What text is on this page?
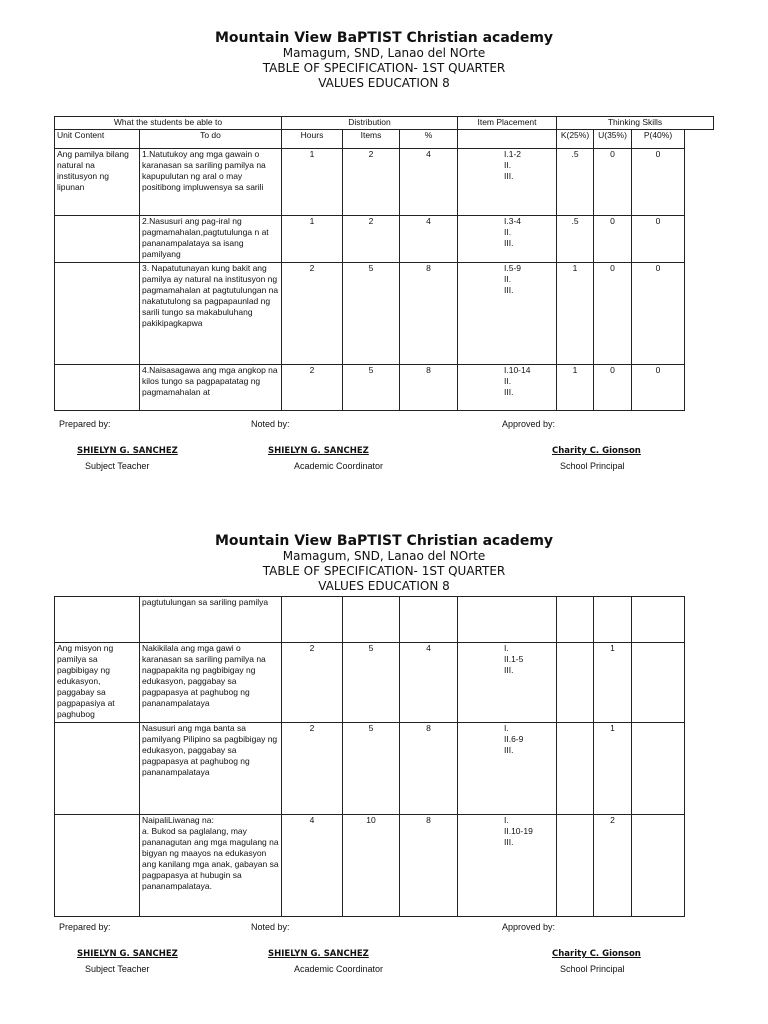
Mountain View BaPTIST Christian academy
Mamagum, SND, Lanao del NOrte
TABLE OF SPECIFICATION- 1ST QUARTER
VALUES EDUCATION 8
What the students be able to		Distribution			Item Placement	Thinking Skills			
Unit Content	To do	Hours	Items	%		K(25%)	U(35%)	P(40%)	
Ang pamilya bilang natural na institusyon ng lipunan	1.Natutukoy ang mga gawain o karanasan sa sariling pamilya na kapupulutan ng aral o may positibong impluwensya sa sarili	1	2	4	I.1-2
II.
III.	.5	0	0	
	2.Nasusuri ang pag-iral ng pagmamahalan,pagtutulunga n at pananampalataya sa isang pamilyang	1	2	4	I.3-4
II.
III.	.5	0	0	
	3. Napatutunayan kung bakit ang pamilya ay natural na institusyon ng pagmamahalan at pagtutulungan na nakatutulong sa pagpapaunlad ng sarili tungo sa makabuluhang pakikipagkapwa	2	5	8	I.5-9
II.
III.	1	0	0	
	4.Naisasagawa ang mga angkop na kilos tungo sa pagpapatatag ng pagmamahalan at	2	5	8	I.10-14
II.
III.	1	0	0	
Prepared by:	Noted by:	Approved by:
SHIELYN G. SANCHEZ	SHIELYN G. SANCHEZ	Charity C. Gionson
Subject Teacher	Academic Coordinator	School Principal
Mountain View BaPTIST Christian academy
Mamagum, SND, Lanao del NOrte
TABLE OF SPECIFICATION- 1ST QUARTER
VALUES EDUCATION 8
	pagtutulungan sa sariling pamilya							
Ang misyon ng pamilya sa pagbibigay ng edukasyon, paggabay sa pagpapasiya at paghubog	Nakikilala ang mga gawi o karanasan sa sariling pamilya na nagpapakita ng pagbibigay ng edukasyon, paggabay sa pagpapasya at paghubog ng pananampalataya	2	5	4	I.
II.1-5
III.		1	
	Nasusuri ang mga banta sa pamilyang Pilipino sa pagbibigay ng edukasyon, paggabay sa pagpapasya at paghubog ng pananampalataya	2	5	8	I.
II.6-9
III.		1	
	NaipaliLiwanag na:
a. Bukod sa paglalang, may pananagutan ang mga magulang na bigyan ng maayos na edukasyon ang kanilang mga anak, gabayan sa pagpapasya at hubugin sa pananampalataya.	4	10	8	I.
II.10-19
III.		2	
Prepared by:	Noted by:	Approved by:
SHIELYN G. SANCHEZ	SHIELYN G. SANCHEZ	Charity C. Gionson
Subject Teacher	Academic Coordinator	School Principal
